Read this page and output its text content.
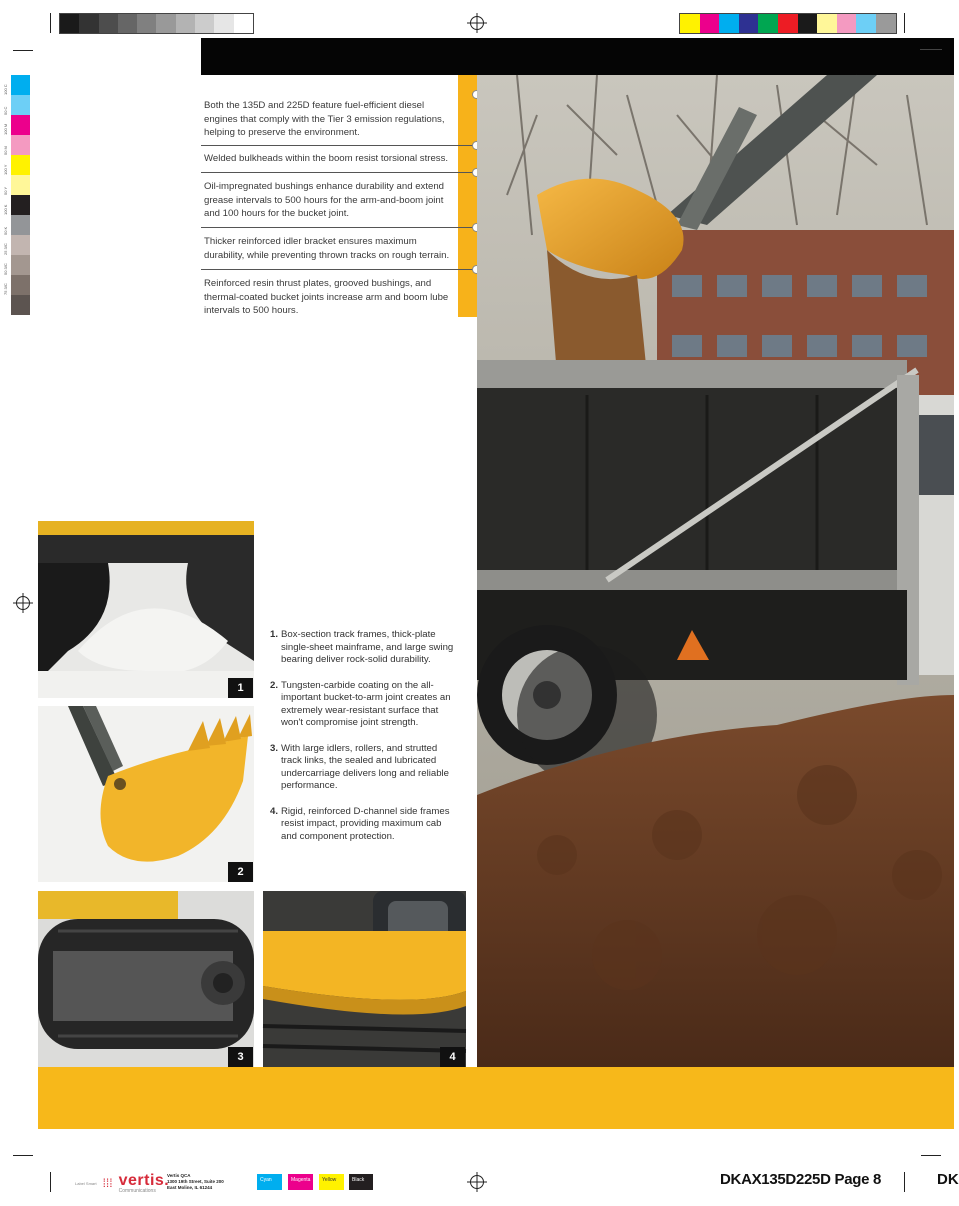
100 C
50 C
100 M
50 M
100 Y
50 Y
100 K
50 K
25 3/C
50 3/C
75 3/C
Both the 135D and 225D feature fuel-efficient diesel engines that comply with the Tier 3 emission regulations, helping to preserve the environment.
Welded bulkheads within the boom resist torsional stress.
Oil-impregnated bushings enhance durability and extend grease intervals to 500 hours for the arm-and-boom joint and 100 hours for the bucket joint.
Thicker reinforced idler bracket ensures maximum durability, while preventing thrown tracks on rough terrain.
Reinforced resin thrust plates, grooved bushings, and thermal-coated bucket joints increase arm and boom lube intervals to 500 hours.
1
2
3	4
1. Box-section track frames, thick-plate single-sheet mainframe, and large swing bearing deliver rock-solid durability.
2. Tungsten-carbide coating on the all-important bucket-to-arm joint creates an extremely wear-resistant surface that won't compromise joint strength.
3. With large idlers, rollers, and strutted track links, the sealed and lubricated undercarriage delivers long and reliable performance.
4. Rigid, reinforced D-channel side frames resist impact, providing maximum cab and component protection.
Label Smart ⁞⁞⁞ vertis.
Communications
Vertis QCA
1300 19th Street, Suite 200
East Moline, IL 61244
Cyan	Magenta	Yellow	Black	DKAX135D225D Page 8	DK
